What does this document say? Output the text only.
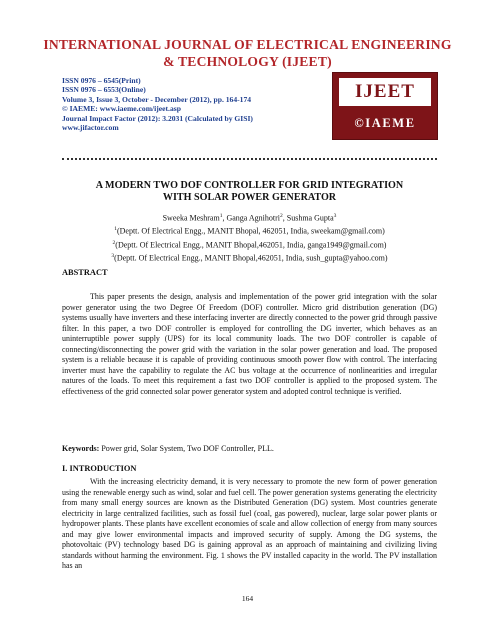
INTERNATIONAL JOURNAL OF ELECTRICAL ENGINEERING
& TECHNOLOGY (IJEET)
ISSN 0976 – 6545(Print)
ISSN 0976 – 6553(Online)
Volume 3, Issue 3, October - December (2012), pp. 164-174
© IAEME: www.iaeme.com/ijeet.asp
Journal Impact Factor (2012): 3.2031 (Calculated by GISI)
www.jifactor.com
IJEET
©IAEME
A MODERN TWO DOF CONTROLLER FOR GRID INTEGRATION
WITH SOLAR POWER GENERATOR
Sweeka Meshram$^1$, Ganga Agnihotri$^2$, Sushma Gupta$^3$
$^1$(Deptt. Of Electrical Engg., MANIT Bhopal, 462051, India, sweekam@gmail.com)
$^2$(Deptt. Of Electrical Engg., MANIT Bhopal,462051, India, ganga1949@gmail.com)
$^3$(Deptt. Of Electrical Engg., MANIT Bhopal,462051, India, sush_gupta@yahoo.com)
ABSTRACT
This paper presents the design, analysis and implementation of the power grid integration with the solar power generator using the two Degree Of Freedom (DOF) controller. Micro grid distribution generation (DG) systems usually have inverters and these interfacing inverter are directly connected to the power grid through passive filter. In this paper, a two DOF controller is employed for controlling the DG inverter, which behaves as an uninterruptible power supply (UPS) for its local community loads. The two DOF controller is capable of connecting/disconnecting the power grid with the variation in the solar power generation and load. The proposed system is a reliable because it is capable of providing continuous smooth power flow with control. The interfacing inverter must have the capability to regulate the AC bus voltage at the occurrence of nonlinearities and irregular natures of the loads. To meet this requirement a fast two DOF controller is applied to the proposed system. The effectiveness of the grid connected solar power generator system and adopted control technique is verified.
Keywords: Power grid, Solar System, Two DOF Controller, PLL.
I. INTRODUCTION
With the increasing electricity demand, it is very necessary to promote the new form of power generation using the renewable energy such as wind, solar and fuel cell. The power generation systems generating the electricity from many small energy sources are known as the Distributed Generation (DG) system. Most countries generate electricity in large centralized facilities, such as fossil fuel (coal, gas powered), nuclear, large solar power plants or hydropower plants. These plants have excellent economies of scale and allow collection of energy from many sources and may give lower environmental impacts and improved security of supply. Among the DG systems, the photovoltaic (PV) technology based DG is gaining approval as an approach of maintaining and civilizing living standards without harming the environment. Fig. 1 shows the PV installed capacity in the world. The PV installation has an
164
